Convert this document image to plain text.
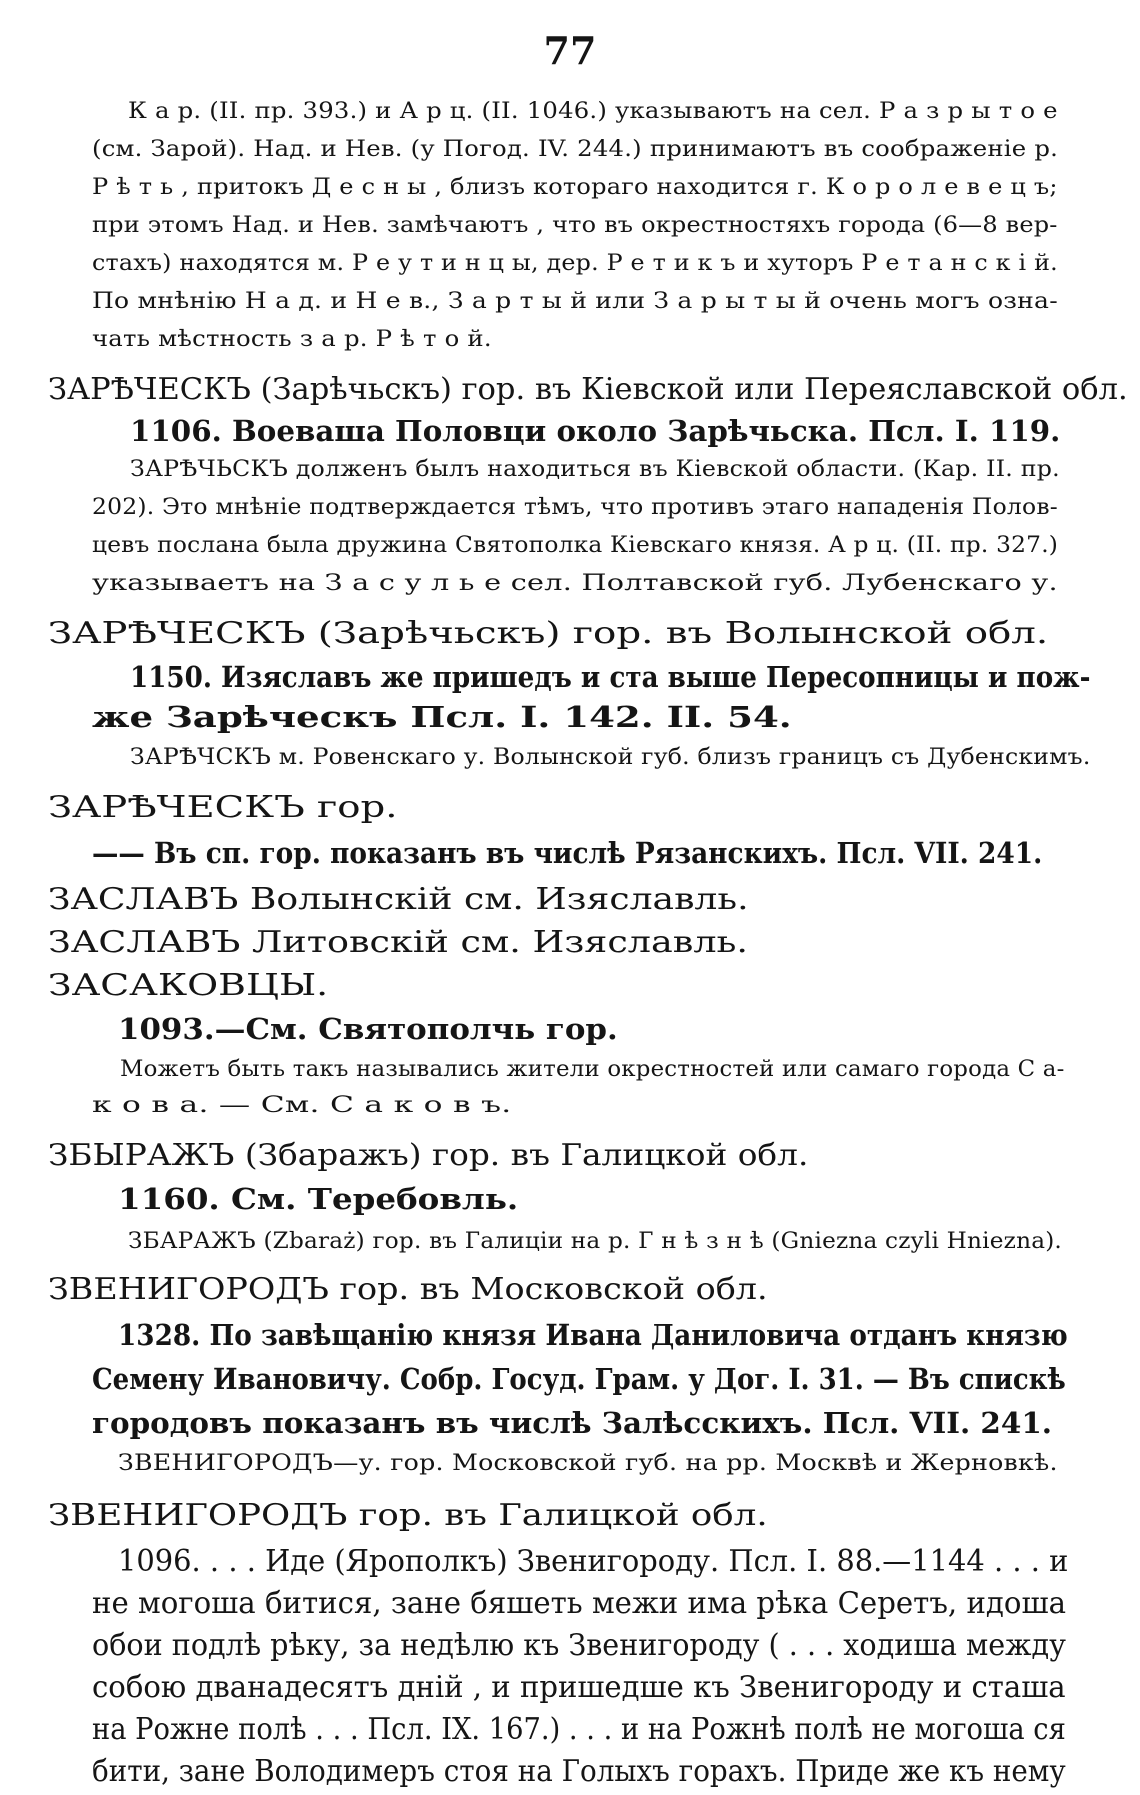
77
К а р. (II. пр. 393.) и А р ц. (II. 1046.) указываютъ на сел. Р а з р ы т о е
(см. Зарой). Над. и Нев. (у Погод. IV. 244.) принимаютъ въ соображеніе р.
Р ѣ т ь , притокъ Д е с н ы , близъ котораго находится г. К о р о л е в е ц ъ;
при этомъ Над. и Нев. замѣчаютъ , что въ окрестностяхъ города (6—8 вер-
стахъ) находятся м. Р е у т и н ц ы, дер. Р е т и к ъ и хуторъ Р е т а н с к і й.
По мнѣнію Н а д. и Н е в., З а р т ы й или З а р ы т ы й очень могъ озна-
чать мѣстность з а р. Р ѣ т о й.
ЗАРѢЧЕСКЪ (Зарѣчьскъ) гор. въ Кіевской или Переяславской обл.
1106. Воеваша Половци около Зарѣчьска. Псл. I. 119.
ЗАРѢЧЬСКЪ долженъ былъ находиться въ Кіевской области. (Кар. II. пр.
202). Это мнѣніе подтверждается тѣмъ, что противъ этаго нападенія Полов-
цевъ послана была дружина Святополка Кіевскаго князя. А р ц. (II. пр. 327.)
указываетъ на З а с у л ь е сел. Полтавской губ. Лубенскаго у.
ЗАРѢЧЕСКЪ (Зарѣчьскъ) гор. въ Волынской обл.
1150. Изяславъ же пришедъ и ста выше Пересопницы и пож-
же Зарѣческъ Псл. I. 142. II. 54.
ЗАРѢЧСКЪ м. Ровенскаго у. Волынской губ. близъ границъ съ Дубенскимъ.
ЗАРѢЧЕСКЪ гор.
—— Въ сп. гор. показанъ въ числѣ Рязанскихъ. Псл. VII. 241.
ЗАСЛАВЪ Волынскій см. Изяславль.
ЗАСЛАВЪ Литовскій см. Изяславль.
ЗАСАКОВЦЫ.
1093.—См. Святополчь гор.
Можетъ быть такъ назывались жители окрестностей или самаго города С а-
к о в а. — См. С а к о в ъ.
ЗБЫРАЖЪ (Збаражъ) гор. въ Галицкой обл.
1160. См. Теребовль.
ЗБАРАЖЪ (Zbaraż) гор. въ Галиціи на р. Г н ѣ з н ѣ (Gniezna czyli Hniezna).
ЗВЕНИГОРОДЪ гор. въ Московской обл.
1328. По завѣщанію князя Ивана Даниловича отданъ князю
Семену Ивановичу. Собр. Госуд. Грам. у Дог. I. 31. — Въ спискѣ
городовъ показанъ въ числѣ Залѣсскихъ. Псл. VII. 241.
ЗВЕНИГОРОДЪ—у. гор. Московской губ. на рр. Москвѣ и Жерновкѣ.
ЗВЕНИГОРОДЪ гор. въ Галицкой обл.
1096. . . . Иде (Ярополкъ) Звенигороду. Псл. I. 88.—1144 . . . и
не могоша битися, зане бяшеть межи има рѣка Серетъ, идоша
обои подлѣ рѣку, за недѣлю къ Звенигороду ( . . . ходиша между
собою дванадесятъ днiй , и пришедше къ Звенигороду и сташа
на Рожне полѣ . . . Псл. IX. 167.) . . . и на Рожнѣ полѣ не могоша ся
бити, зане Володимеръ стоя на Голыхъ горахъ. Приде же къ нему
